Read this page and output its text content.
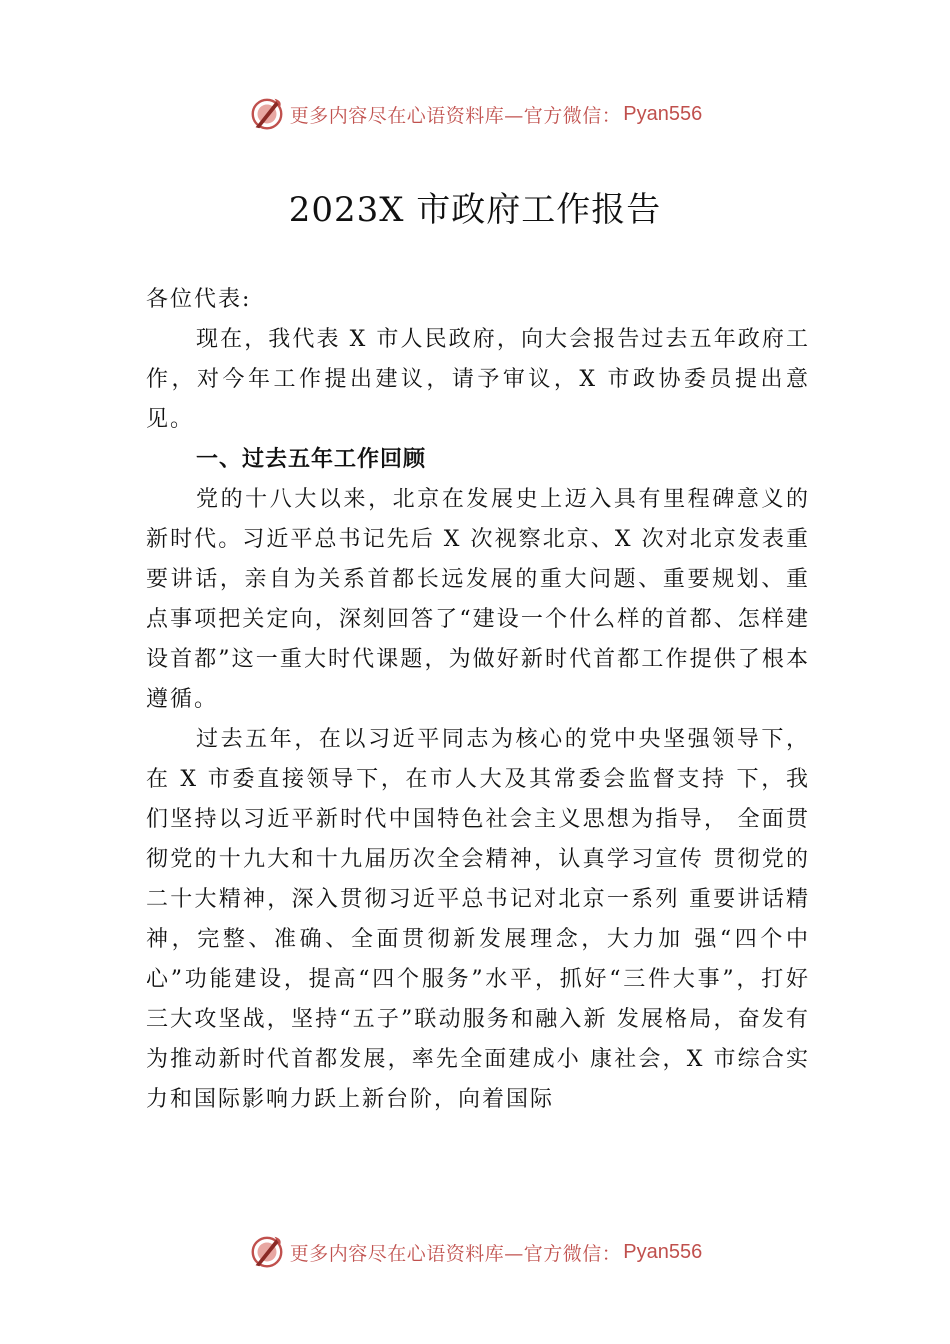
更多内容尽在心语资料库—官方微信： Pyan556
2023X 市政府工作报告

各位代表:

现在，我代表 X 市人民政府，向大会报告过去五年政府工作，对今年工作提出建议，请予审议，X 市政协委员提出意见。

一、过去五年工作回顾

党的十八大以来，北京在发展史上迈入具有里程碑意义的新时代。习近平总书记先后 X 次视察北京、X 次对北京发表重要讲话，亲自为关系首都长远发展的重大问题、重要规划、重点事项把关定向，深刻回答了“建设一个什么样的首都、怎样建设首都”这一重大时代课题，为做好新时代首都工作提供了根本遵循。

过去五年，在以习近平同志为核心的党中央坚强领导下，在 X 市委直接领导下，在市人大及其常委会监督支持 下，我们坚持以习近平新时代中国特色社会主义思想为指导， 全面贯彻党的十九大和十九届历次全会精神，认真学习宣传 贯彻党的二十大精神，深入贯彻习近平总书记对北京一系列 重要讲话精神，完整、准确、全面贯彻新发展理念，大力加 强“四个中心”功能建设，提高“四个服务”水平，抓好“三件大事”，打好三大攻坚战，坚持“五子”联动服务和融入新 发展格局，奋发有为推动新时代首都发展，率先全面建成小 康社会，X 市综合实力和国际影响力跃上新台阶，向着国际

更多内容尽在心语资料库—官方微信： Pyan556
